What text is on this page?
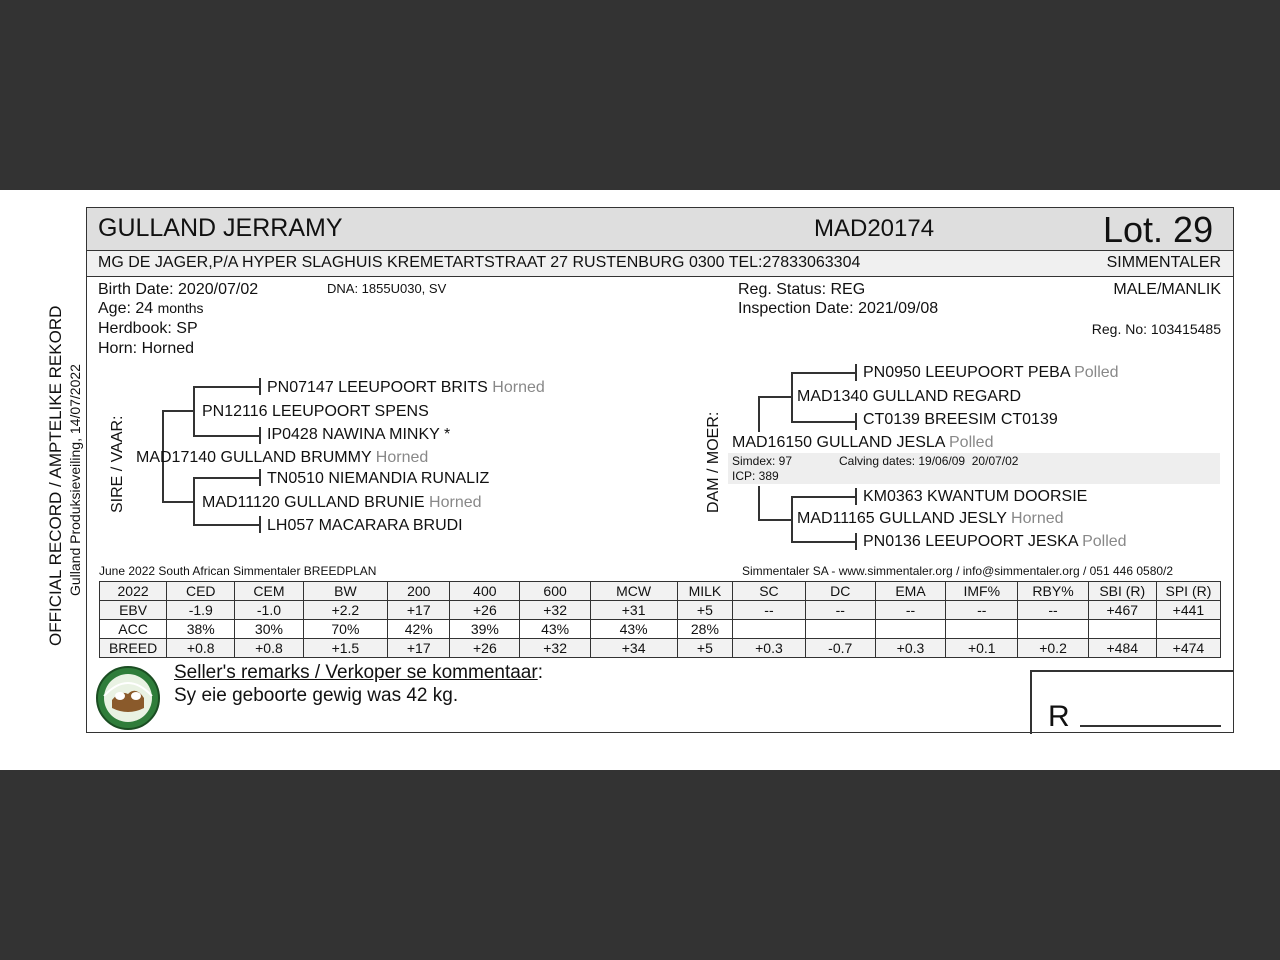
OFFICIAL RECORD / AMPTELIKE REKORD Gulland Produksieveiling, 14/07/2022
GULLAND JERRAMY	MAD20174	Lot. 29
MG DE JAGER,P/A HYPER SLAGHUIS KREMETARTSTRAAT 27 RUSTENBURG 0300 TEL:27833063304	SIMMENTALER
Birth Date: 2020/07/02	DNA: 1855U030, SV
Age: 24 months
Herdbook: SP
Horn: Horned
Reg. Status: REG
Inspection Date: 2021/09/08
MALE/MANLIK
Reg. No: 103415485
SIRE / VAAR:
PN07147 LEEUPOORT BRITS Horned
PN12116 LEEUPOORT SPENS
IP0428 NAWINA MINKY *
MAD17140 GULLAND BRUMMY Horned
TN0510 NIEMANDIA RUNALIZ
MAD11120 GULLAND BRUNIE Horned
LH057 MACARARA BRUDI
DAM / MOER:
PN0950 LEEUPOORT PEBA Polled
MAD1340 GULLAND REGARD
CT0139 BREESIM CT0139
MAD16150 GULLAND JESLA Polled
Simdex: 97	Calving dates: 19/06/09  20/07/02
ICP: 389
KM0363 KWANTUM DOORSIE
MAD11165 GULLAND JESLY Horned
PN0136 LEEUPOORT JESKA Polled
June 2022 South African Simmentaler BREEDPLAN	Simmentaler SA - www.simmentaler.org / info@simmentaler.org / 051 446 0580/2
2022	CED	CEM	BW	200	400	600	MCW	MILK	SC	DC	EMA	IMF%	RBY%	SBI (R)	SPI (R)
EBV	-1.9	-1.0	+2.2	+17	+26	+32	+31	+5	--	--	--	--	--	+467	+441
ACC	38%	30%	70%	42%	39%	43%	43%	28%							
BREED	+0.8	+0.8	+1.5	+17	+26	+32	+34	+5	+0.3	-0.7	+0.3	+0.1	+0.2	+484	+474
Seller's remarks / Verkoper se kommentaar:
Sy eie geboorte gewig was 42 kg.
R
